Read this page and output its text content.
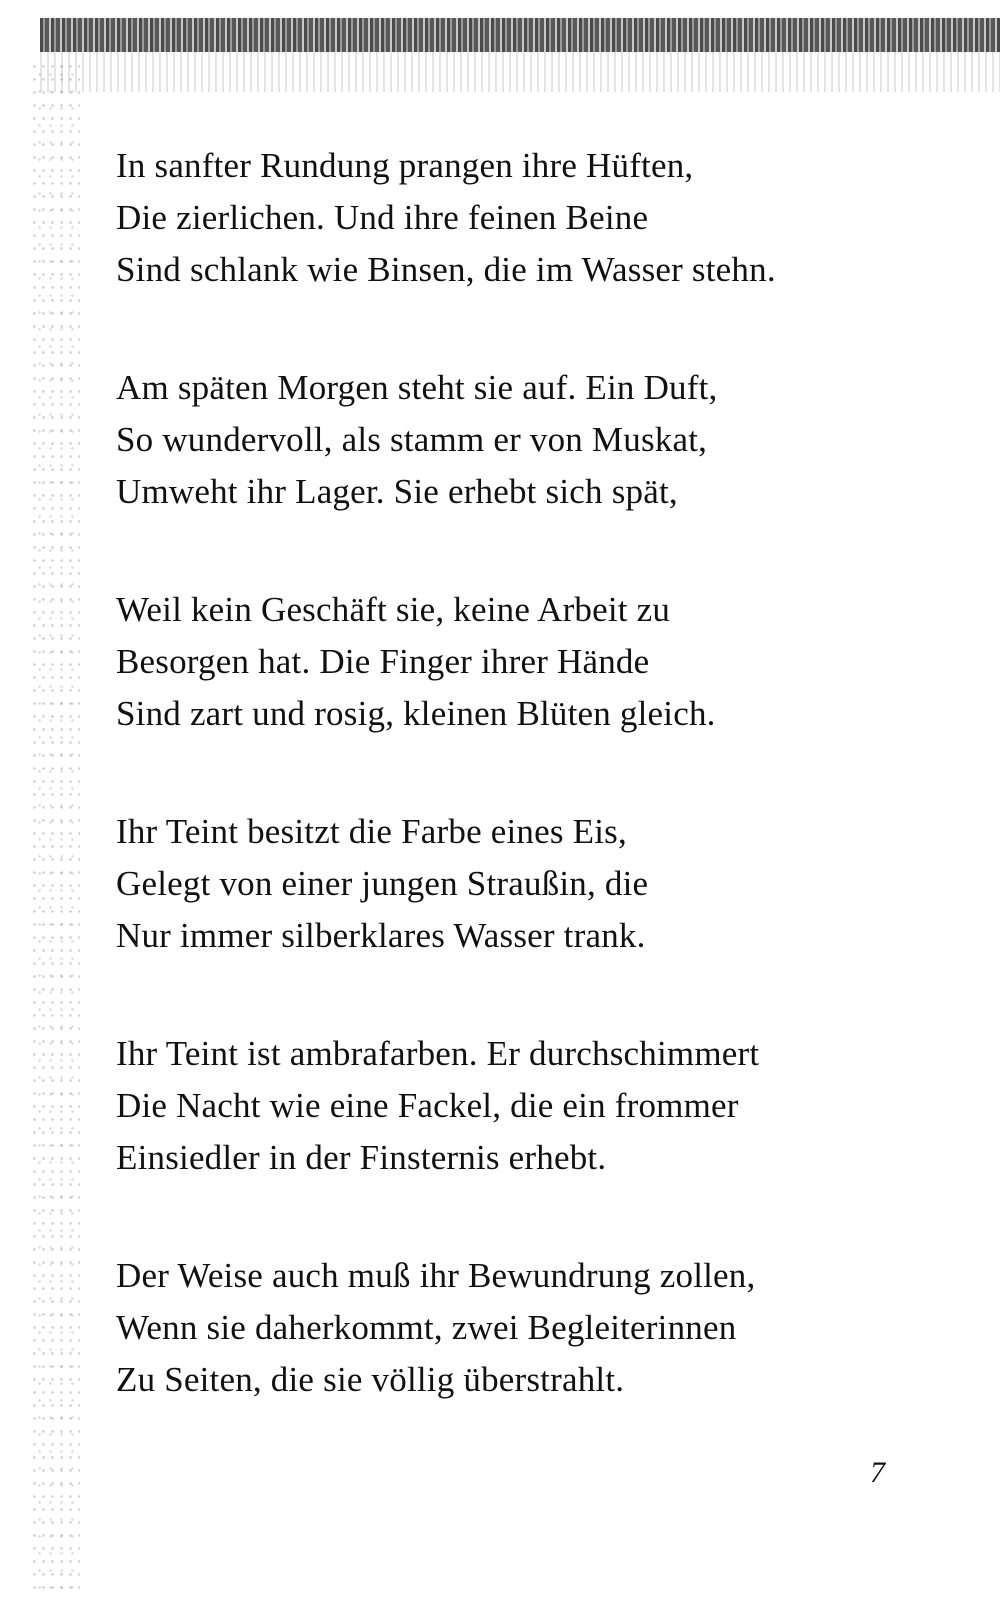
In sanfter Rundung prangen ihre Hüften,
Die zierlichen. Und ihre feinen Beine
Sind schlank wie Binsen, die im Wasser stehn.

Am späten Morgen steht sie auf. Ein Duft,
So wundervoll, als stamm er von Muskat,
Umweht ihr Lager. Sie erhebt sich spät,

Weil kein Geschäft sie, keine Arbeit zu
Besorgen hat. Die Finger ihrer Hände
Sind zart und rosig, kleinen Blüten gleich.

Ihr Teint besitzt die Farbe eines Eis,
Gelegt von einer jungen Straußin, die
Nur immer silberklares Wasser trank.

Ihr Teint ist ambrafarben. Er durchschimmert
Die Nacht wie eine Fackel, die ein frommer
Einsiedler in der Finsternis erhebt.

Der Weise auch muß ihr Bewundrung zollen,
Wenn sie daherkommt, zwei Begleiterinnen
Zu Seiten, die sie völlig überstrahlt.

7
